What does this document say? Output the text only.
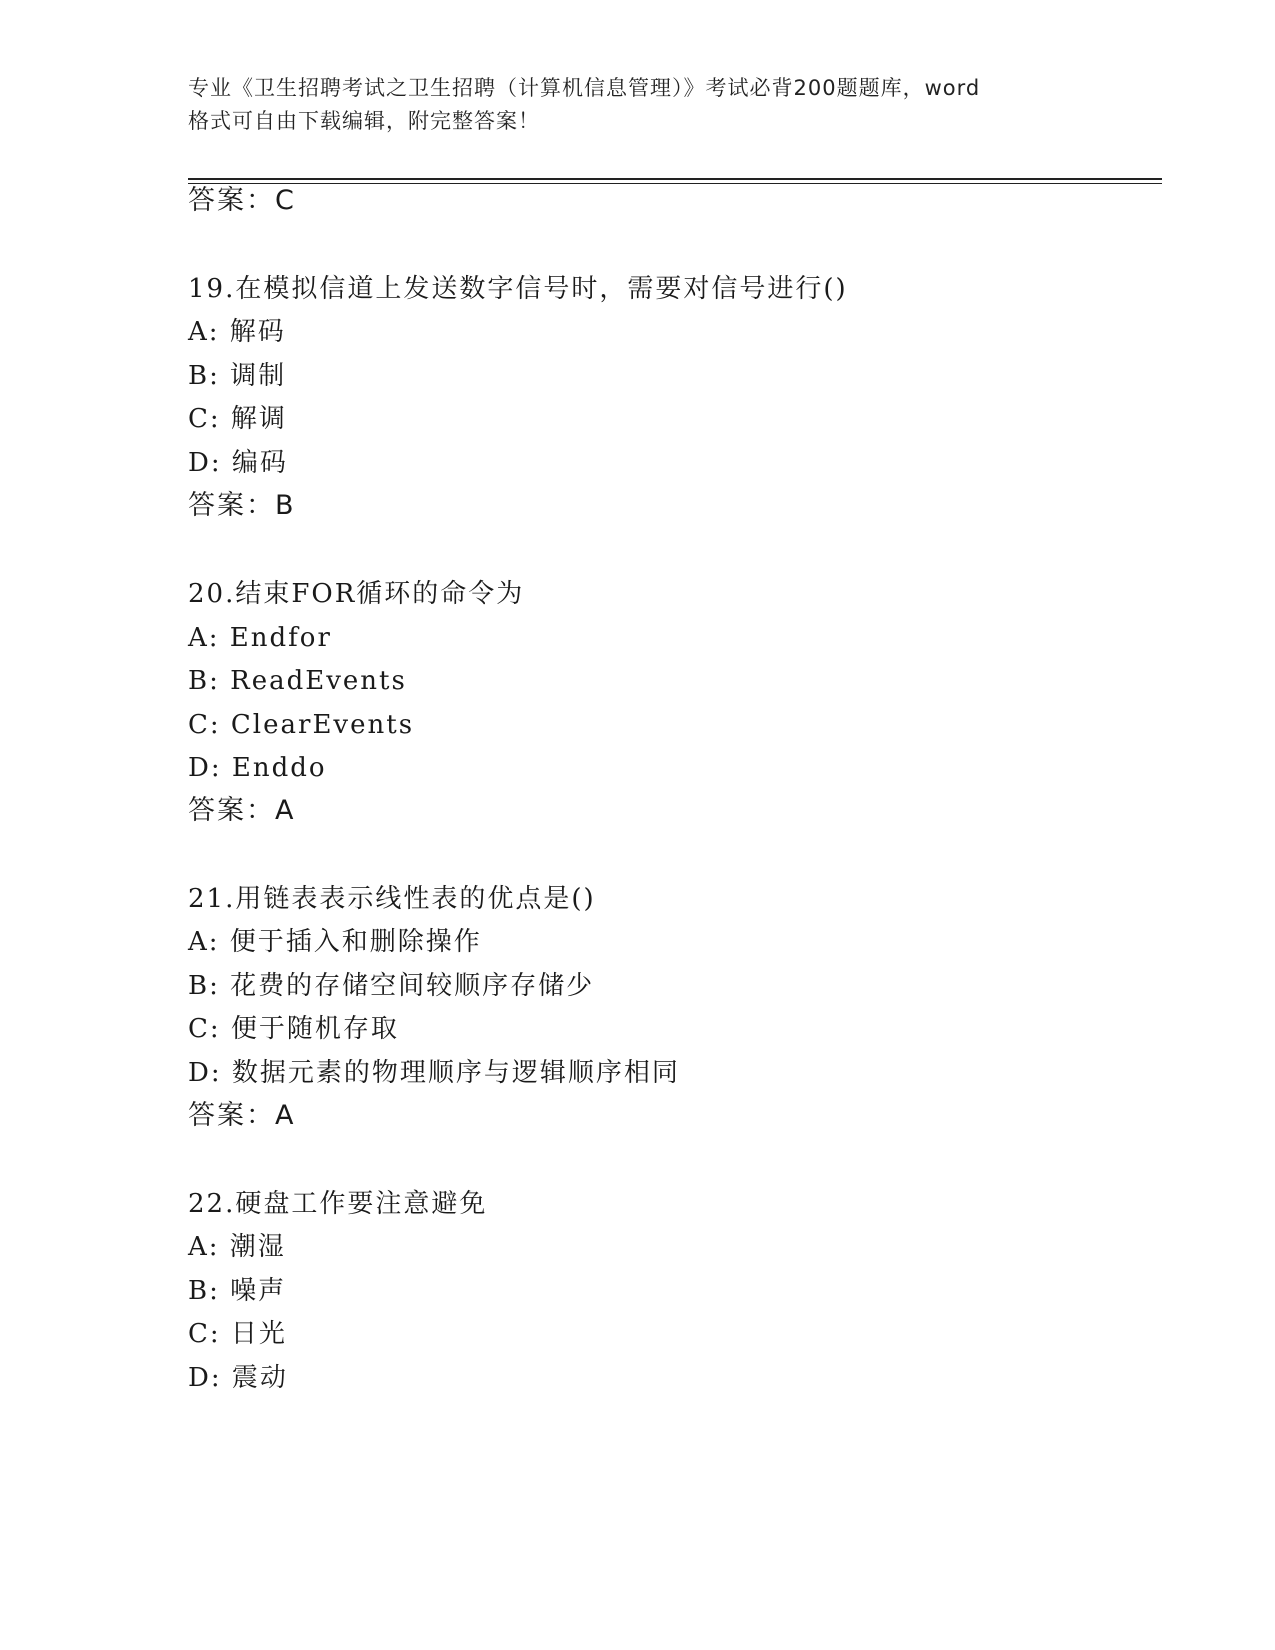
专业《卫生招聘考试之卫生招聘（计算机信息管理）》考试必背200题题库，word
格式可自由下载编辑，附完整答案！
答案：C
19.在模拟信道上发送数字信号时，需要对信号进行()
A: 解码
B: 调制
C: 解调
D: 编码
答案：B
20.结束FOR循环的命令为
A: Endfor
B: ReadEvents
C: ClearEvents
D: Enddo
答案：A
21.用链表表示线性表的优点是()
A: 便于插入和删除操作
B: 花费的存储空间较顺序存储少
C: 便于随机存取
D: 数据元素的物理顺序与逻辑顺序相同
答案：A
22.硬盘工作要注意避免
A: 潮湿
B: 噪声
C: 日光
D: 震动
